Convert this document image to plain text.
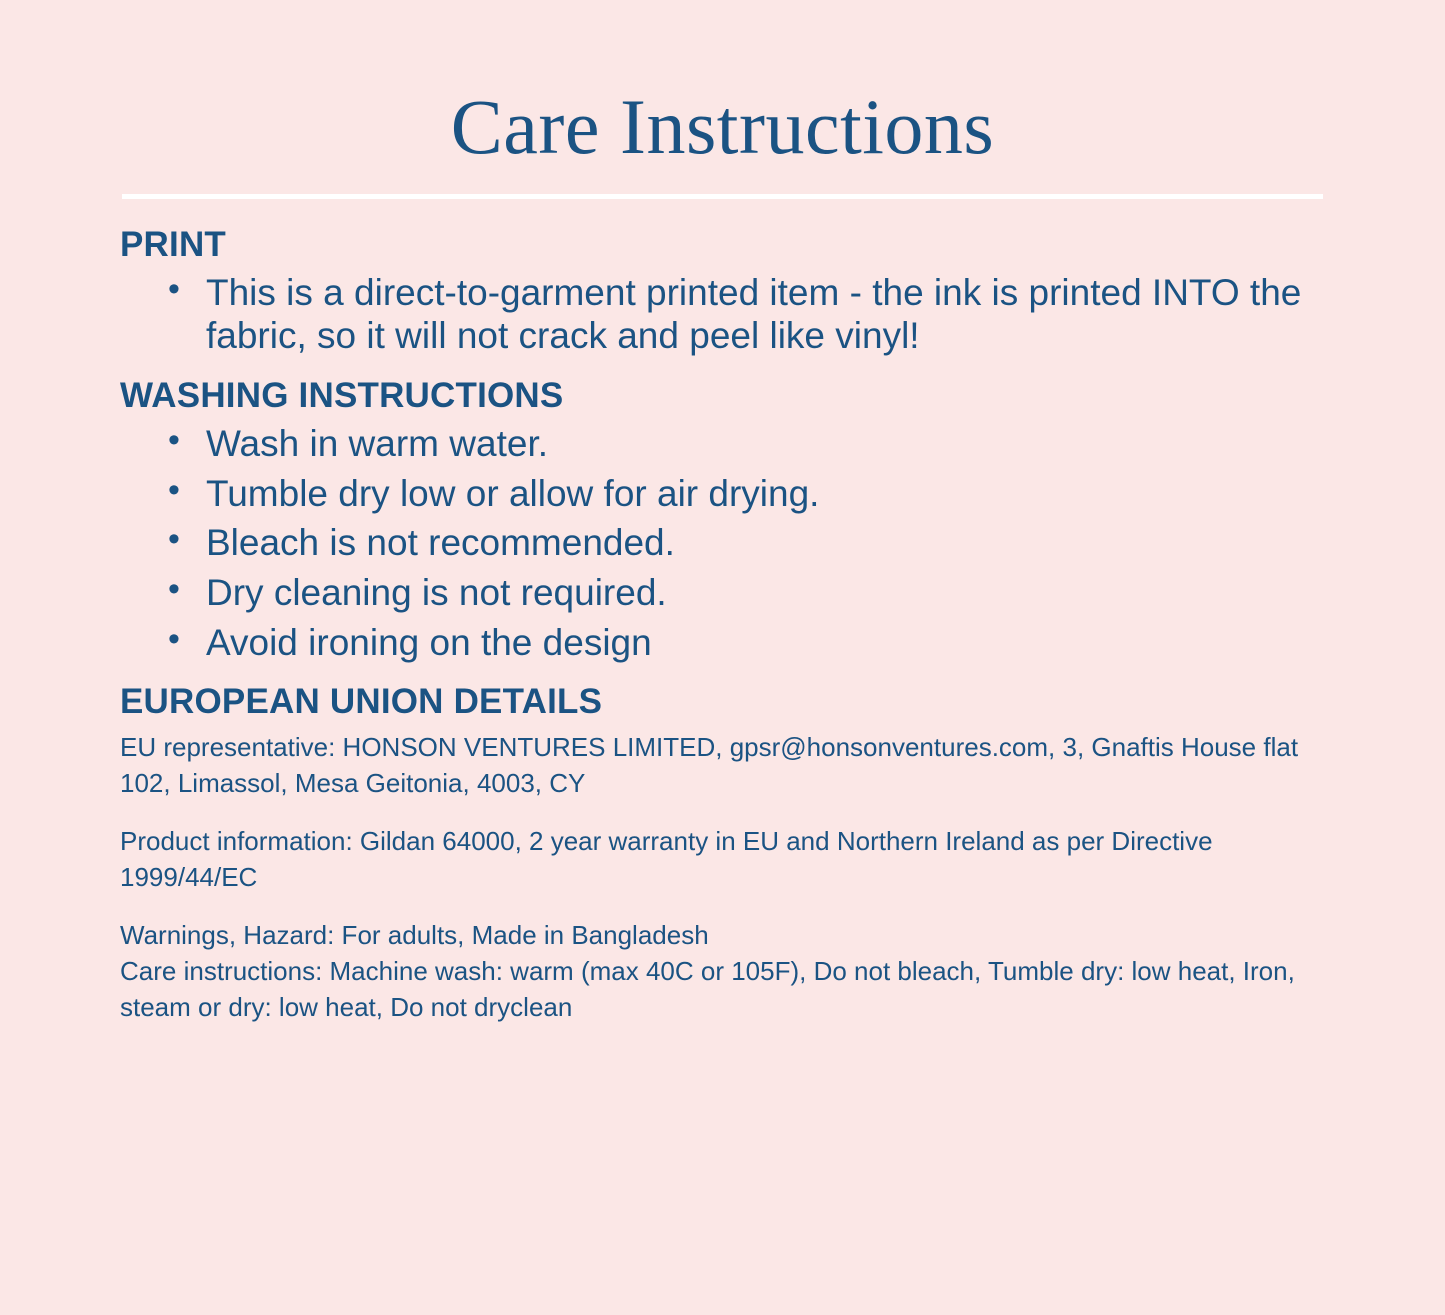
Care Instructions
PRINT
• This is a direct-to-garment printed item - the ink is printed INTO the fabric, so it will not crack and peel like vinyl!
WASHING INSTRUCTIONS
• Wash in warm water.
• Tumble dry low or allow for air drying.
• Bleach is not recommended.
• Dry cleaning is not required.
• Avoid ironing on the design
EUROPEAN UNION DETAILS

EU representative: HONSON VENTURES LIMITED, gpsr@honsonventures.com, 3, Gnaftis House flat 102, Limassol, Mesa Geitonia, 4003, CY

Product information: Gildan 64000, 2 year warranty in EU and Northern Ireland as per Directive 1999/44/EC

Warnings, Hazard: For adults, Made in Bangladesh

Care instructions: Machine wash: warm (max 40C or 105F), Do not bleach, Tumble dry: low heat, Iron, steam or dry: low heat, Do not dryclean
